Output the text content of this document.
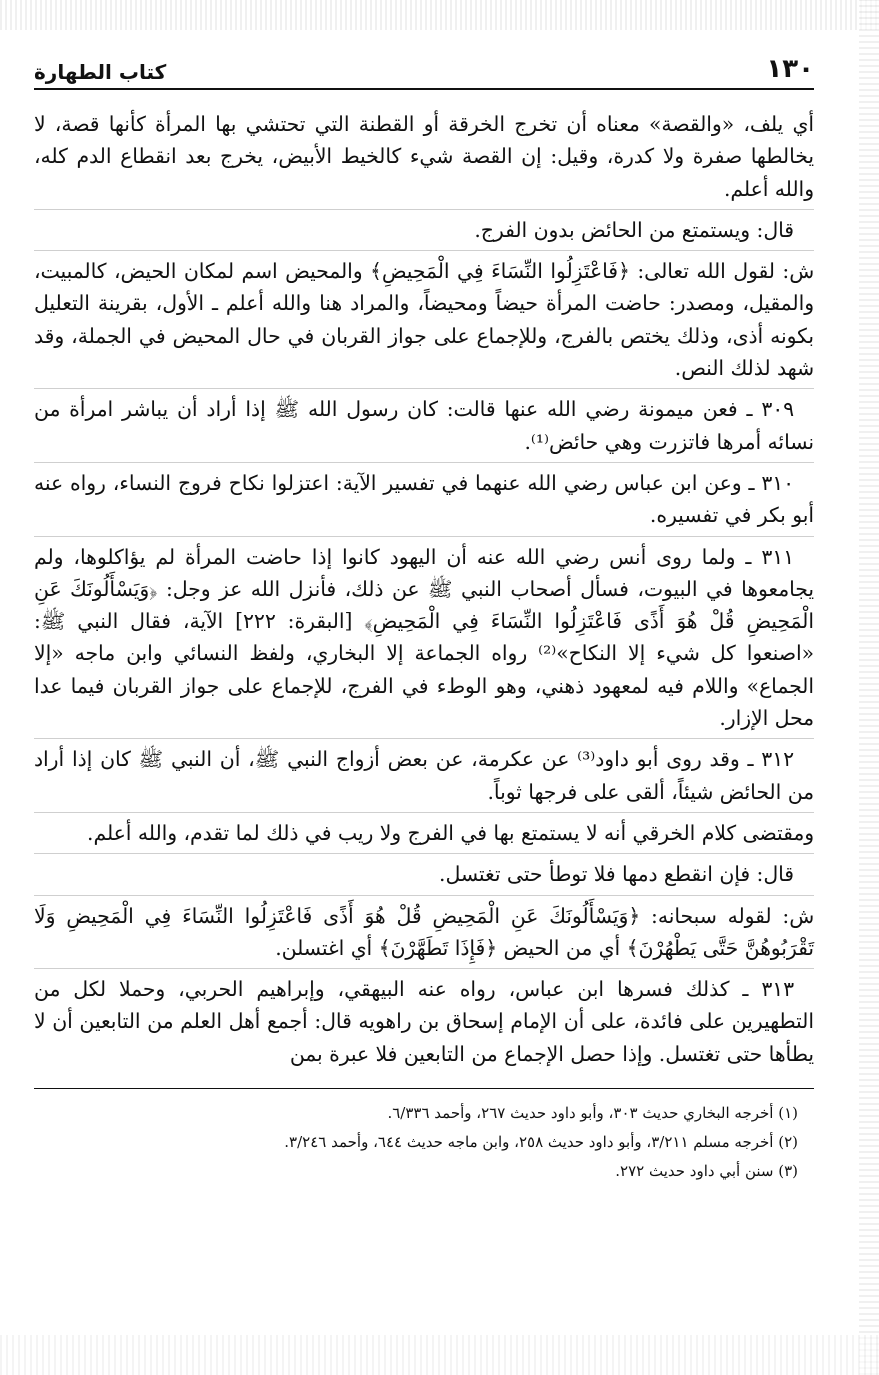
١٣٠
كتاب الطهارة

أي يلف، «والقصة» معناه أن تخرج الخرقة أو القطنة التي تحتشي بها المرأة كأنها قصة، لا يخالطها صفرة ولا كدرة، وقيل: إن القصة شيء كالخيط الأبيض، يخرج بعد انقطاع الدم كله، والله أعلم.

قال: ويستمتع من الحائض بدون الفرج.

ش: لقول الله تعالى: ﴿فَاعْتَزِلُوا النِّسَاءَ فِي الْمَحِيضِ﴾ والمحيض اسم لمكان الحيض، كالمبيت، والمقيل، ومصدر: حاضت المرأة حيضاً ومحيضاً، والمراد هنا والله أعلم ـ الأول، بقرينة التعليل بكونه أذى، وذلك يختص بالفرج، وللإجماع على جواز القربان في حال المحيض في الجملة، وقد شهد لذلك النص.

٣٠٩ ـ فعن ميمونة رضي الله عنها قالت: كان رسول الله ﷺ إذا أراد أن يباشر امرأة من نسائه أمرها فاتزرت وهي حائض⁽¹⁾.

٣١٠ ـ وعن ابن عباس رضي الله عنهما في تفسير الآية: اعتزلوا نكاح فروج النساء، رواه عنه أبو بكر في تفسيره.

٣١١ ـ ولما روى أنس رضي الله عنه أن اليهود كانوا إذا حاضت المرأة لم يؤاكلوها، ولم يجامعوها في البيوت، فسأل أصحاب النبي ﷺ عن ذلك، فأنزل الله عز وجل: ﴿وَيَسْأَلُونَكَ عَنِ الْمَحِيضِ قُلْ هُوَ أَذًى فَاعْتَزِلُوا النِّسَاءَ فِي الْمَحِيضِ﴾ [البقرة: ٢٢٢] الآية، فقال النبي ﷺ: «اصنعوا كل شيء إلا النكاح»⁽²⁾ رواه الجماعة إلا البخاري، ولفظ النسائي وابن ماجه «إلا الجماع» واللام فيه لمعهود ذهني، وهو الوطء في الفرج، للإجماع على جواز القربان فيما عدا محل الإزار.

٣١٢ ـ وقد روى أبو داود⁽³⁾ عن عكرمة، عن بعض أزواج النبي ﷺ، أن النبي ﷺ كان إذا أراد من الحائض شيئاً، ألقى على فرجها ثوباً.

ومقتضى كلام الخرقي أنه لا يستمتع بها في الفرج ولا ريب في ذلك لما تقدم، والله أعلم.

قال: فإن انقطع دمها فلا توطأ حتى تغتسل.

ش: لقوله سبحانه: ﴿وَيَسْأَلُونَكَ عَنِ الْمَحِيضِ قُلْ هُوَ أَذًى فَاعْتَزِلُوا النِّسَاءَ فِي الْمَحِيضِ وَلَا تَقْرَبُوهُنَّ حَتَّى يَطْهُرْنَ﴾ أي من الحيض ﴿فَإِذَا تَطَهَّرْنَ﴾ أي اغتسلن.

٣١٣ ـ كذلك فسرها ابن عباس، رواه عنه البيهقي، وإبراهيم الحربي، وحملا لكل من التطهيرين على فائدة، على أن الإمام إسحاق بن راهويه قال: أجمع أهل العلم من التابعين أن لا يطأها حتى تغتسل. وإذا حصل الإجماع من التابعين فلا عبرة بمن

(١) أخرجه البخاري حديث ٣٠٣، وأبو داود حديث ٢٦٧، وأحمد ٦/٣٣٦.
(٢) أخرجه مسلم ٣/٢١١، وأبو داود حديث ٢٥٨، وابن ماجه حديث ٦٤٤، وأحمد ٣/٢٤٦.
(٣) سنن أبي داود حديث ٢٧٢.
